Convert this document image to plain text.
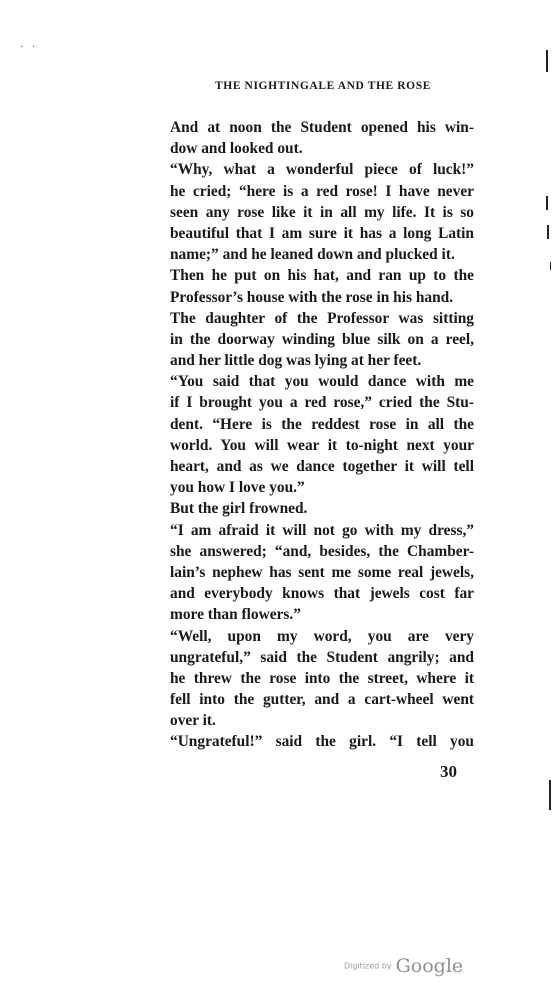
· ·
THE NIGHTINGALE AND THE ROSE
And at noon the Student opened his win-
dow and looked out.
“Why, what a wonderful piece of luck!”
he cried; “here is a red rose! I have never
seen any rose like it in all my life. It is so
beautiful that I am sure it has a long Latin
name;” and he leaned down and plucked it.
Then he put on his hat, and ran up to the
Professor’s house with the rose in his hand.
The daughter of the Professor was sitting
in the doorway winding blue silk on a reel,
and her little dog was lying at her feet.
“You said that you would dance with me
if I brought you a red rose,” cried the Stu-
dent. “Here is the reddest rose in all the
world. You will wear it to-night next your
heart, and as we dance together it will tell
you how I love you.”
But the girl frowned.
“I am afraid it will not go with my dress,”
she answered; “and, besides, the Chamber-
lain’s nephew has sent me some real jewels,
and everybody knows that jewels cost far
more than flowers.”
“Well, upon my word, you are very
ungrateful,” said the Student angrily; and
he threw the rose into the street, where it
fell into the gutter, and a cart-wheel went
over it.
“Ungrateful!” said the girl. “I tell you
30
Digitized by Google
